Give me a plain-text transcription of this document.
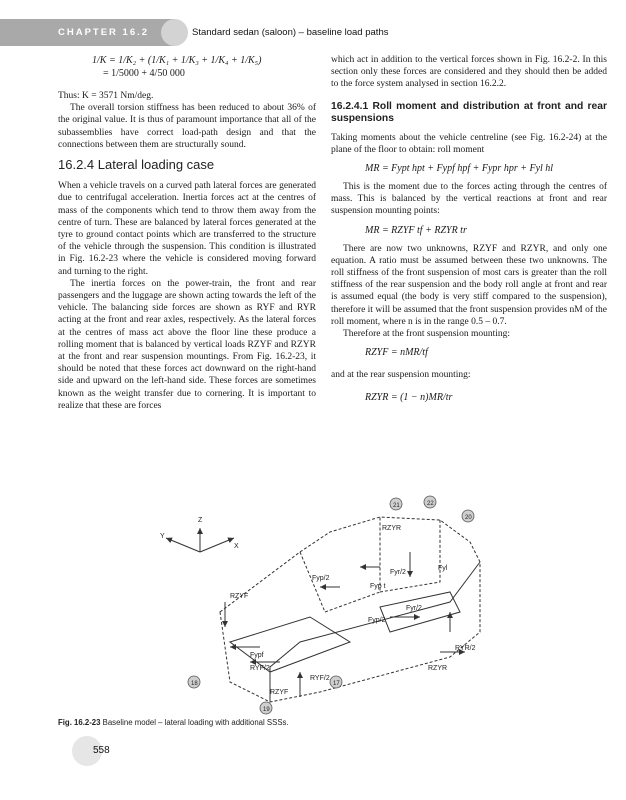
CHAPTER 16.2	Standard sedan (saloon) – baseline load paths

1/K = 1/K₂ + (1/K₁ + 1/K₃ + 1/K₄ + 1/K₅)

= 1/5000 + 4/50 000

Thus: K = 3571 Nm/deg.

The overall torsion stiffness has been reduced to about 36% of the original value. It is thus of paramount importance that all of the subassemblies have correct load-path design and that the connections between them are structurally sound.

16.2.4 Lateral loading case

When a vehicle travels on a curved path lateral forces are generated due to centrifugal acceleration. Inertia forces act at the centres of mass of the components which tend to throw them away from the centre of turn. These are balanced by lateral forces generated at the tyre to ground contact points which are transferred to the structure of the vehicle through the suspension. This condition is illustrated in Fig. 16.2-23 where the vehicle is considered moving forward and turning to the right.

The inertia forces on the power-train, the front and rear passengers and the luggage are shown acting towards the left of the vehicle. The balancing side forces are shown as RYF and RYR acting at the front and rear axles, respectively. As the lateral forces at the centres of mass act above the floor line these produce a rolling moment that is balanced by vertical loads RZYF and RZYR at the front and rear suspension mountings. From Fig. 16.2-23, it should be noted that these forces act downward on the right-hand side and upward on the left-hand side. These forces are sometimes known as the weight transfer due to cornering. It is important to realize that these are forces

which act in addition to the vertical forces shown in Fig. 16.2-2. In this section only these forces are considered and they should then be added to the force system analysed in section 16.2.2.

16.2.4.1 Roll moment and distribution at front and rear suspensions

Taking moments about the vehicle centreline (see Fig. 16.2-24) at the plane of the floor to obtain: roll moment

MR = Fypt hpt + Fypf hpf + Fypr hpr + Fyl hl

This is the moment due to the forces acting through the centres of mass. This is balanced by the vertical reactions at front and rear suspension mounting points:

MR = RZYF tf + RZYR tr

There are now two unknowns, RZYF and RZYR, and only one equation. A ratio must be assumed between these two unknowns. The roll stiffness of the front suspension of most cars is greater than the roll stiffness of the rear suspension and the body roll angle at front and rear is assumed equal (the body is very stiff compared to the suspension), therefore it will be assumed that the front suspension provides nM of the roll moment, where n is in the range 0.5 – 0.7.

Therefore at the front suspension mounting:

RZYF = nMR/tf

and at the rear suspension mounting:

RZYR = (1 − n)MR/tr

Z
Y
X
21	22
20
18	17
19
RZYR
Fyp/2
Fyl
Fyr/2
Fyp t
RZYF
Fypf
RYF/2
RYF/2
RZYF
Fyp/2
Fyr/2
RYR/2
RZYR
Fig. 16.2-23 Baseline model – lateral loading with additional SSSs.
558
